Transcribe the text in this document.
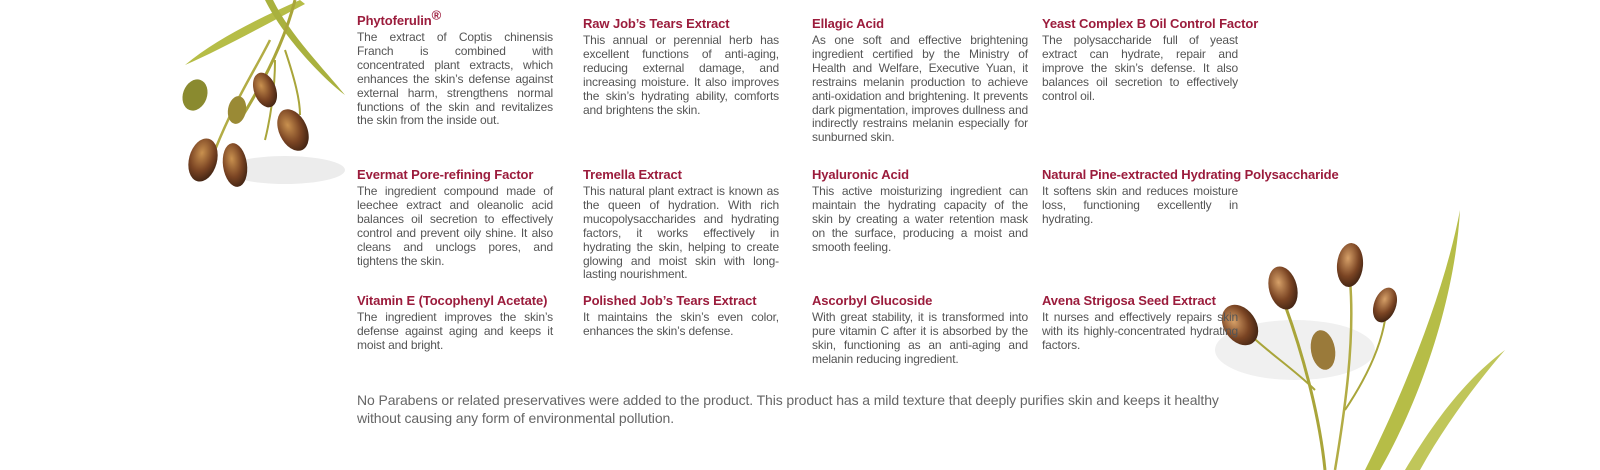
Phytoferulin®
The extract of Coptis chinensis Franch is combined with concentrated plant extracts, which enhances the skin’s defense against external harm, strengthens normal functions of the skin and revitalizes the skin from the inside out.
Raw Job’s Tears Extract
This annual or perennial herb has excellent functions of anti-aging, reducing external damage, and increasing moisture. It also improves the skin’s hydrating ability, comforts and brightens the skin.
Ellagic Acid
As one soft and effective brightening ingredient certified by the Ministry of Health and Welfare, Executive Yuan, it restrains melanin production to achieve anti-oxidation and brightening. It prevents dark pigmentation, improves dullness and indirectly restrains melanin especially for sunburned skin.
Yeast Complex B Oil Control Factor
The polysaccharide full of yeast extract can hydrate, repair and improve the skin’s defense. It also balances oil secretion to effectively control oil.
Evermat Pore-refining Factor
The ingredient compound made of leechee extract and oleanolic acid balances oil secretion to effectively control and prevent oily shine. It also cleans and unclogs pores, and tightens the skin.
Tremella Extract
This natural plant extract is known as the queen of hydration. With rich mucopolysaccharides and hydrating factors, it works effectively in hydrating the skin, helping to create glowing and moist skin with long-lasting nourishment.
Hyaluronic Acid
This active moisturizing ingredient can maintain the hydrating capacity of the skin by creating a water retention mask on the surface, producing a moist and smooth feeling.
Natural Pine-extracted Hydrating Polysaccharide
It softens skin and reduces moisture loss, functioning excellently in hydrating.
Vitamin E (Tocophenyl Acetate)
The ingredient improves the skin’s defense against aging and keeps it moist and bright.
Polished Job’s Tears Extract
It maintains the skin’s even color, enhances the skin’s defense.
Ascorbyl Glucoside
With great stability, it is transformed into pure vitamin C after it is absorbed by the skin, functioning as an anti-aging and melanin reducing ingredient.
Avena Strigosa Seed Extract
It nurses and effectively repairs skin with its highly-concentrated hydrating factors.
No Parabens or related preservatives were added to the product. This product has a mild texture that deeply purifies skin and keeps it healthy without causing any form of environmental pollution.
